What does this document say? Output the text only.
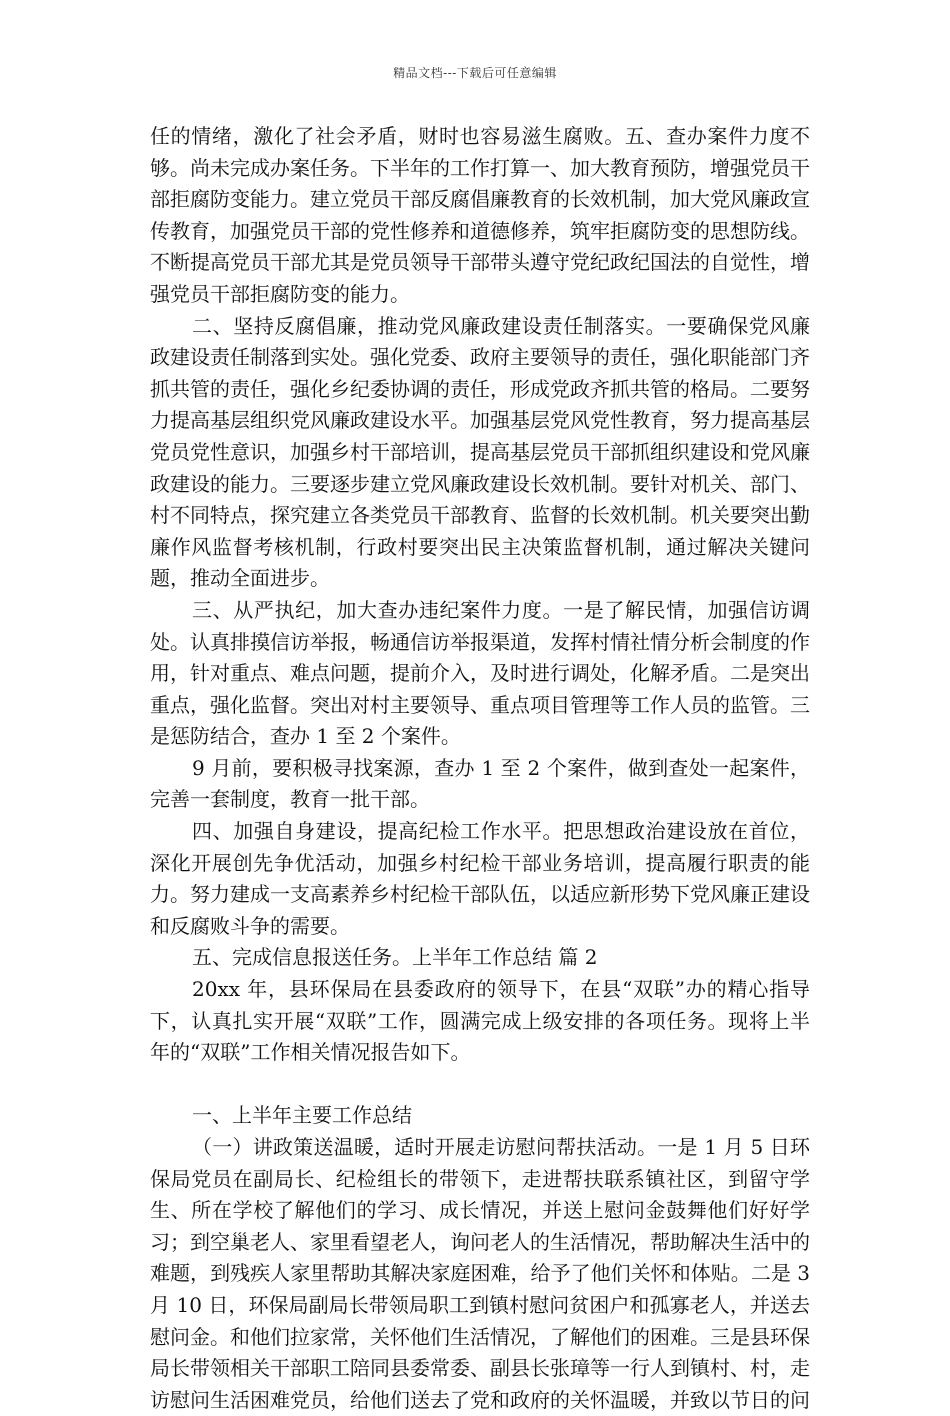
精品文档---下载后可任意编辑

任的情绪，激化了社会矛盾，财时也容易滋生腐败。五、查办案件力度不够。尚未完成办案任务。下半年的工作打算一、加大教育预防，增强党员干部拒腐防变能力。建立党员干部反腐倡廉教育的长效机制，加大党风廉政宣传教育，加强党员干部的党性修养和道德修养，筑牢拒腐防变的思想防线。不断提高党员干部尤其是党员领导干部带头遵守党纪政纪国法的自觉性，增强党员干部拒腐防变的能力。

二、坚持反腐倡廉，推动党风廉政建设责任制落实。一要确保党风廉政建设责任制落到实处。强化党委、政府主要领导的责任，强化职能部门齐抓共管的责任，强化乡纪委协调的责任，形成党政齐抓共管的格局。二要努力提高基层组织党风廉政建设水平。加强基层党风党性教育，努力提高基层党员党性意识，加强乡村干部培训，提高基层党员干部抓组织建设和党风廉政建设的能力。三要逐步建立党风廉政建设长效机制。要针对机关、部门、村不同特点，探究建立各类党员干部教育、监督的长效机制。机关要突出勤廉作风监督考核机制，行政村要突出民主决策监督机制，通过解决关键问题，推动全面进步。

三、从严执纪，加大查办违纪案件力度。一是了解民情，加强信访调处。认真排摸信访举报，畅通信访举报渠道，发挥村情社情分析会制度的作用，针对重点、难点问题，提前介入，及时进行调处，化解矛盾。二是突出重点，强化监督。突出对村主要领导、重点项目管理等工作人员的监管。三是惩防结合，查办 1 至 2 个案件。

9 月前，要积极寻找案源，查办 1 至 2 个案件，做到查处一起案件，完善一套制度，教育一批干部。

四、加强自身建设，提高纪检工作水平。把思想政治建设放在首位，深化开展创先争优活动，加强乡村纪检干部业务培训，提高履行职责的能力。努力建成一支高素养乡村纪检干部队伍，以适应新形势下党风廉正建设和反腐败斗争的需要。

五、完成信息报送任务。上半年工作总结 篇 2

20xx 年，县环保局在县委政府的领导下，在县“双联”办的精心指导下，认真扎实开展“双联”工作，圆满完成上级安排的各项任务。现将上半年的“双联”工作相关情况报告如下。

一、上半年主要工作总结

（一）讲政策送温暖，适时开展走访慰问帮扶活动。一是 1 月 5 日环保局党员在副局长、纪检组长的带领下，走进帮扶联系镇社区，到留守学生、所在学校了解他们的学习、成长情况，并送上慰问金鼓舞他们好好学习；到空巢老人、家里看望老人，询问老人的生活情况，帮助解决生活中的难题，到残疾人家里帮助其解决家庭困难，给予了他们关怀和体贴。二是 3 月 10 日，环保局副局长带领局职工到镇村慰问贫困户和孤寡老人，并送去慰问金。和他们拉家常，关怀他们生活情况，了解他们的困难。三是县环保局长带领相关干部职工陪同县委常委、副县长张璋等一行人到镇村、村，走访慰问生活困难党员，给他们送去了党和政府的关怀温暖，并致以节日的问
